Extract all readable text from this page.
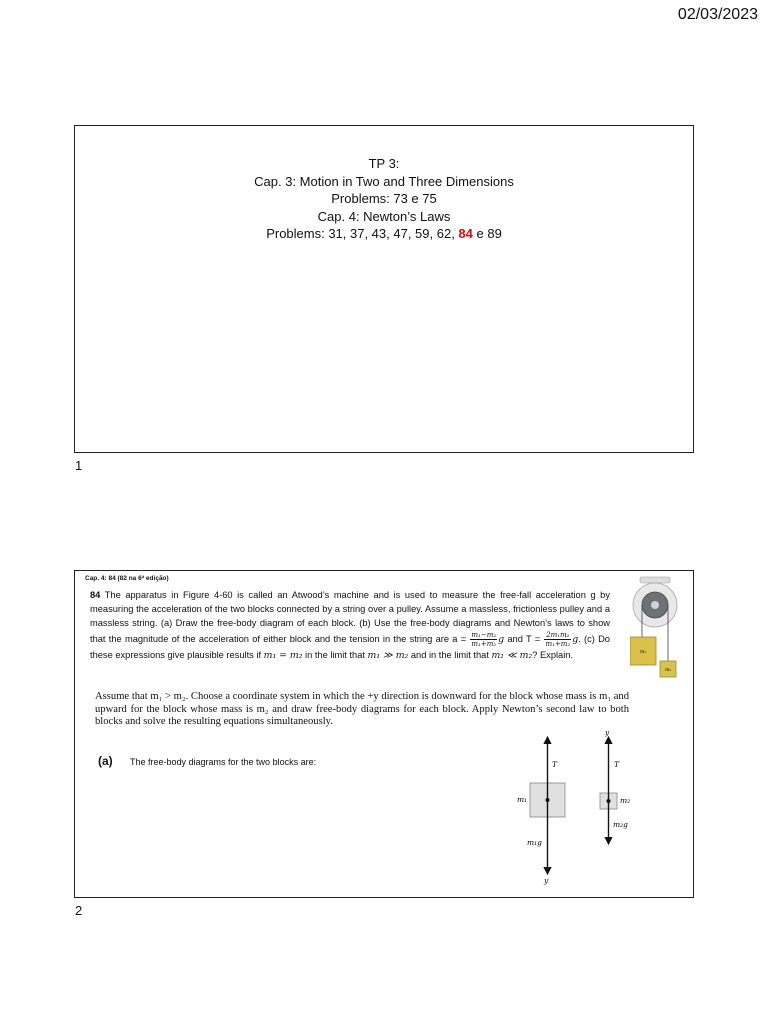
02/03/2023
TP 3:
Cap. 3: Motion in Two and Three Dimensions
Problems: 73 e 75
Cap. 4: Newton’s Laws
Problems: 31, 37, 43, 47, 59, 62, 84 e 89
1
Cap. 4: 84 (82 na 6ª edição)
84 The apparatus in Figure 4-60 is called an Atwood’s machine and is used to measure the free-fall acceleration g by measuring the acceleration of the two blocks connected by a string over a pulley. Assume a massless, frictionless pulley and a massless string. (a) Draw the free-body diagram of each block. (b) Use the free-body diagrams and Newton’s laws to show that the magnitude of the acceleration of either block and the tension in the string are $a = \frac{\text{m₁−m₂}}{\text{m₁+m₂}}$ g and $T = \frac{\text{2m₁m₂}}{\text{m₁+m₂}} g$. (c) Do these expressions give plausible results if m₁ = m₂ in the limit that m₁ ≫ m₂ and in the limit that m₁ ≪ m₂? Explain.	m₁
m₂
Assume that m₁ > m₂. Choose a coordinate system in which the +y direction is downward for the block whose mass is m₁ and upward for the block whose mass is m₂ and draw free-body diagrams for each block. Apply Newton’s second law to both blocks and solve the resulting equations simultaneously.
(a) The free-body diagrams for the two blocks are:	T
m₁
m₁g
y
y
T
m₂
m₂g
2
